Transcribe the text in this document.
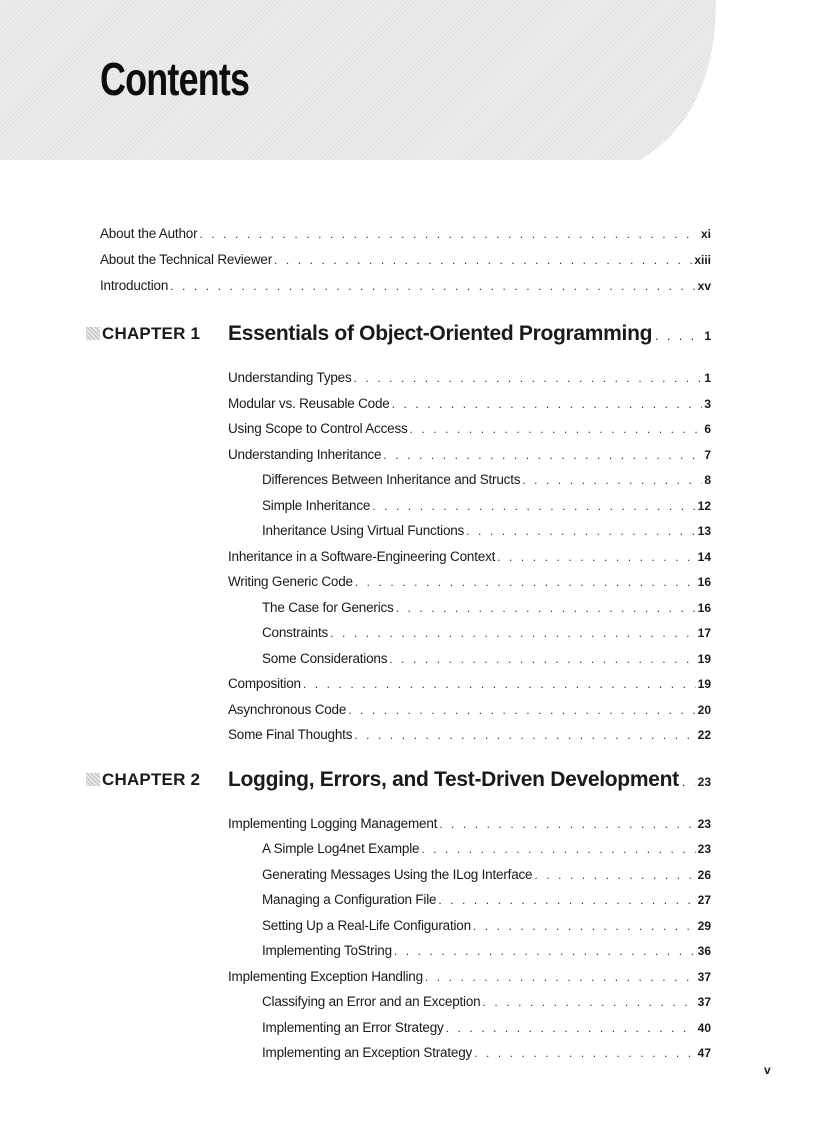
Contents
About the Author . . .	xi
About the Technical Reviewer . . .	xiii
Introduction . . .	xv
CHAPTER 1 Essentials of Object-Oriented Programming . . .	1
Understanding Types . . .	1
Modular vs. Reusable Code . . .	3
Using Scope to Control Access . . .	6
Understanding Inheritance . . .	7
Differences Between Inheritance and Structs . . .	8
Simple Inheritance . . .	12
Inheritance Using Virtual Functions . . .	13
Inheritance in a Software-Engineering Context . . .	14
Writing Generic Code . . .	16
The Case for Generics . . .	16
Constraints . . .	17
Some Considerations . . .	19
Composition . . .	19
Asynchronous Code . . .	20
Some Final Thoughts . . .	22
CHAPTER 2 Logging, Errors, and Test-Driven Development . . . 23
Implementing Logging Management . . .	23
A Simple Log4net Example . . .	23
Generating Messages Using the ILog Interface . . .	26
Managing a Configuration File . . .	27
Setting Up a Real-Life Configuration . . .	29
Implementing ToString . . .	36
Implementing Exception Handling . . .	37
Classifying an Error and an Exception . . .	37
Implementing an Error Strategy . . .	40
Implementing an Exception Strategy . . .	47
v
